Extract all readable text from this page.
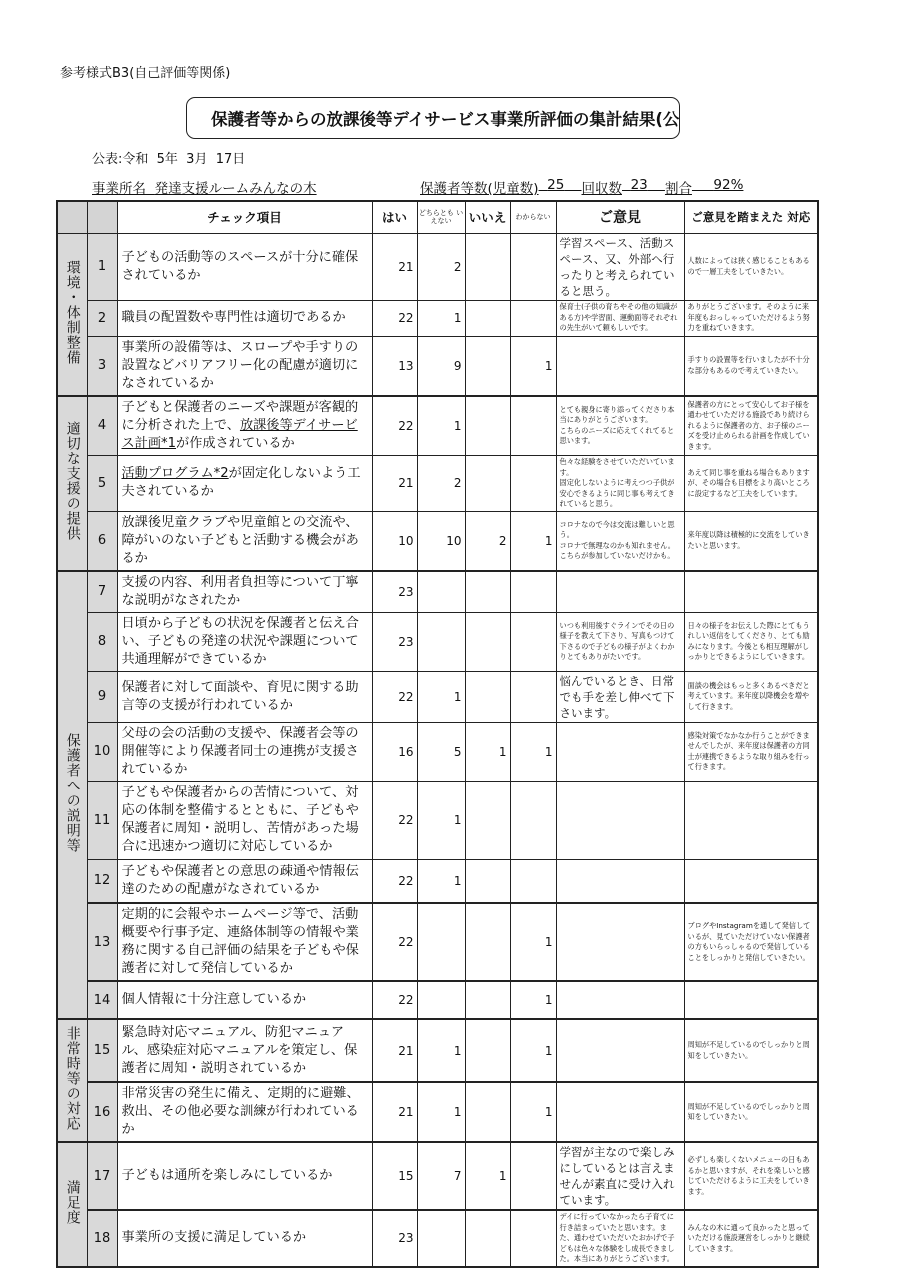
参考様式B3(自己評価等関係)
保護者等からの放課後等デイサービス事業所評価の集計結果(公
公表:令和  5年  3月  17日
事業所名 発達支援ルームみんなの木	保護者等数(児童数)
25
回収数
23
割合
92%
		チェック項目	はい	どちらとも いえない	いいえ	わからない	ご意見	ご意見を踏まえた 対応
環境・体制整備	1	子どもの活動等のスペースが十分に確保されているか	21	2			学習スペース、活動スペース、又、外部へ行ったりと考えられていると思う。	人数によっては狭く感じることもあるので一層工夫をしていきたい。
	2	職員の配置数や専門性は適切であるか	22	1			保育士(子供の育ちやその他の知識がある方)や学習面、運動面等それぞれの先生がいて頼もしいです。	ありがとうございます。そのように来年度もおっしゃっていただけるよう努力を重ねていきます。
	3	事業所の設備等は、スロープや手すりの設置などバリアフリー化の配慮が適切になされているか	13	9		1		手すりの設置等を行いましたが不十分な部分もあるので考えていきたい。
適切な支援の提供	4	子どもと保護者のニーズや課題が客観的に分析された上で、放課後等デイサービス計画*1が作成されているか	22	1			とても親身に寄り添ってくださり本当にありがとうございます。
こちらのニーズに応えてくれてると思います。	保護者の方にとって安心してお子様を通わせていただける施設であり続けられるように保護者の方、お子様のニーズを受け止められる計画を作成していきます。
	5	活動プログラム*2が固定化しないよう工夫されているか	21	2			色々な経験をさせていただいています。
固定化しないように考えつつ子供が安心できるように同じ事も考えてきれていると思う。	あえて同じ事を重ねる場合もありますが、その場合も目標をより高いところに設定するなど工夫をしています。
	6	放課後児童クラブや児童館との交流や、障がいのない子どもと活動する機会があるか	10	10	2	1	コロナなので今は交流は難しいと思う。
コロナで無理なのかも知れません。
こちらが参加していないだけかも。	来年度以降は積極的に交流をしていきたいと思います。
保護者への説明等	7	支援の内容、利用者負担等について丁寧な説明がなされたか	23					
	8	日頃から子どもの状況を保護者と伝え合い、子どもの発達の状況や課題について共通理解ができているか	23				いつも利用後すぐラインでその日の様子を教えて下さり、写真もつけて下さるので子どもの様子がよくわかりとてもありがたいです。	日々の様子をお伝えした際にとてもうれしい返信をしてくださり、とても励みになります。今後とも相互理解がしっかりとできるようにしていきます。
	9	保護者に対して面談や、育児に関する助言等の支援が行われているか	22	1			悩んでいるとき、日常でも手を差し伸べて下さいます。	面談の機会はもっと多くあるべきだと考えています。来年度以降機会を増やして行きます。
	10	父母の会の活動の支援や、保護者会等の開催等により保護者同士の連携が支援されているか	16	5	1	1		感染対策でなかなか行うことができませんでしたが、来年度は保護者の方同士が連携できるような取り組みを行って行きます。
	11	子どもや保護者からの苦情について、対応の体制を整備するとともに、子どもや保護者に周知・説明し、苦情があった場合に迅速かつ適切に対応しているか	22	1				
	12	子どもや保護者との意思の疎通や情報伝達のための配慮がなされているか	22	1				
	13	定期的に会報やホームページ等で、活動概要や行事予定、連絡体制等の情報や業務に関する自己評価の結果を子どもや保護者に対して発信しているか	22			1		ブログやInstagramを通して発信しているが、見ていただけていない保護者の方もいらっしゃるので発信していることをしっかりと発信していきたい。
	14	個人情報に十分注意しているか	22			1		
非常時等の対応	15	緊急時対応マニュアル、防犯マニュアル、感染症対応マニュアルを策定し、保護者に周知・説明されているか	21	1		1		周知が不足しているのでしっかりと周知をしていきたい。
	16	非常災害の発生に備え、定期的に避難、救出、その他必要な訓練が行われているか	21	1		1		周知が不足しているのでしっかりと周知をしていきたい。
満足度	17	子どもは通所を楽しみにしているか	15	7	1		学習が主なので楽しみにしているとは言えませんが素直に受け入れています。	必ずしも楽しくないメニューの日もあるかと思いますが、それを楽しいと感じていただけるように工夫をしていきます。
	18	事業所の支援に満足しているか	23				デイに行っていなかったら子育てに行き詰まっていたと思います。また、通わせていただいたおかげで子どもは色々な体験をし成長できました。本当にありがとうございます。	みんなの木に通って良かったと思っていただける施設運営をしっかりと継続していきます。
